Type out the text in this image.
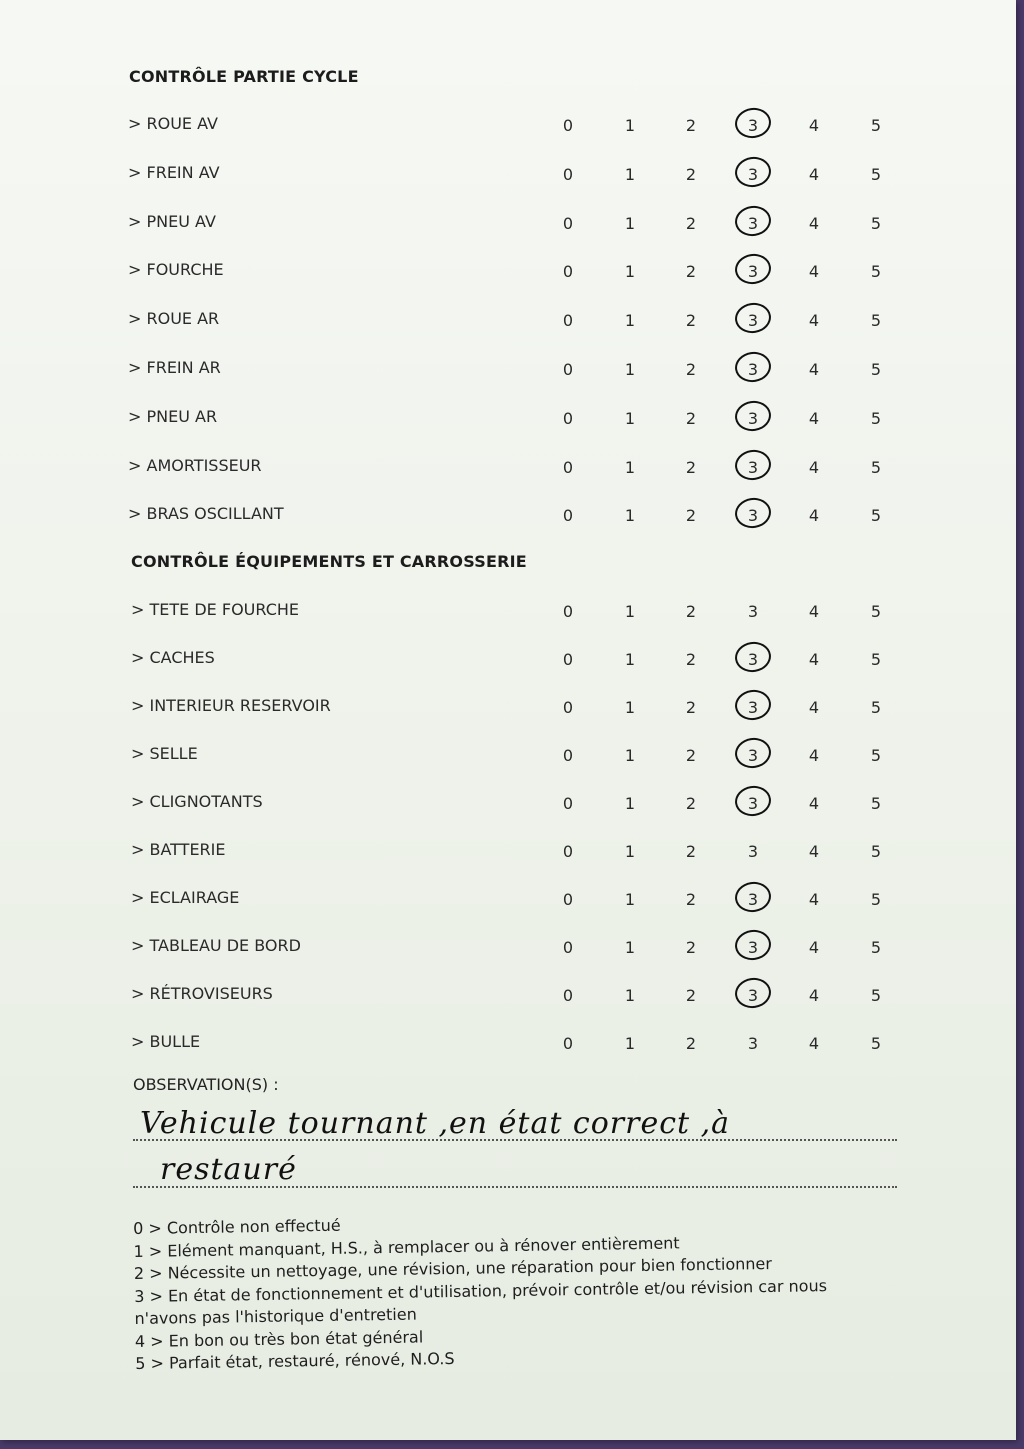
CONTRÔLE PARTIE CYCLE
> ROUE AV	0	1	2	3	4	5
> FREIN AV	0	1	2	3	4	5
> PNEU AV	0	1	2	3	4	5
> FOURCHE	0	1	2	3	4	5
> ROUE AR	0	1	2	3	4	5
> FREIN AR	0	1	2	3	4	5
> PNEU AR	0	1	2	3	4	5
> AMORTISSEUR	0	1	2	3	4	5
> BRAS OSCILLANT	0	1	2	3	4	5
CONTRÔLE ÉQUIPEMENTS ET CARROSSERIE
> TETE DE FOURCHE	0	1	2	3	4	5
> CACHES	0	1	2	3	4	5
> INTERIEUR RESERVOIR	0	1	2	3	4	5
> SELLE	0	1	2	3	4	5
> CLIGNOTANTS	0	1	2	3	4	5
> BATTERIE	0	1	2	3	4	5
> ECLAIRAGE	0	1	2	3	4	5
> TABLEAU DE BORD	0	1	2	3	4	5
> RÉTROVISEURS	0	1	2	3	4	5
> BULLE	0	1	2	3	4	5
OBSERVATION(S) :
Vehicule tournant ,en état correct ,à
restauré
0 > Contrôle non effectué
1 > Elément manquant, H.S., à remplacer ou à rénover entièrement
2 > Nécessite un nettoyage, une révision, une réparation pour bien fonctionner
3 > En état de fonctionnement et d'utilisation, prévoir contrôle et/ou révision car nous
n'avons pas l'historique d'entretien
4 > En bon ou très bon état général
5 > Parfait état, restauré, rénové, N.O.S
